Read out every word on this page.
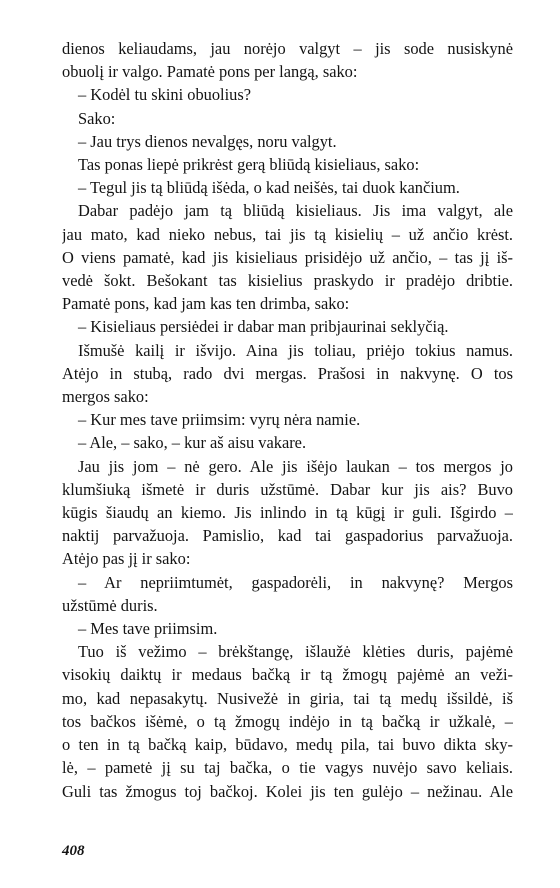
dienos keliaudams, jau norėjo valgyt – jis sode nusiskynė
obuolį ir valgo. Pamatė pons per langą, sako:
– Kodėl tu skini obuolius?
Sako:
– Jau trys dienos nevalgęs, noru valgyt.
Tas ponas liepė prikrėst gerą bliūdą kisieliaus, sako:
– Tegul jis tą bliūdą išėda, o kad neišės, tai duok kančium.
Dabar padėjo jam tą bliūdą kisieliaus. Jis ima valgyt, ale
jau mato, kad nieko nebus, tai jis tą kisielių – už ančio krėst.
O viens pamatė, kad jis kisieliaus prisidėjo už ančio, – tas jį iš-
vedė šokt. Bešokant tas kisielius praskydo ir pradėjo dribtie.
Pamatė pons, kad jam kas ten drimba, sako:
– Kisieliaus persiėdei ir dabar man pribjaurinai seklyčią.
Išmušė kailį ir išvijo. Aina jis toliau, priėjo tokius namus.
Atėjo in stubą, rado dvi mergas. Prašosi in nakvynę. O tos
mergos sako:
– Kur mes tave priimsim: vyrų nėra namie.
– Ale, – sako, – kur aš aisu vakare.
Jau jis jom – nė gero. Ale jis išėjo laukan – tos mergos jo
klumšiuką išmetė ir duris užstūmė. Dabar kur jis ais? Buvo
kūgis šiaudų an kiemo. Jis inlindo in tą kūgį ir guli. Išgirdo –
naktij parvažuoja. Pamislio, kad tai gaspadorius parvažuoja.
Atėjo pas jį ir sako:
– Ar nepriimtumėt, gaspadorėli, in nakvynę? Mergos
užstūmė duris.
– Mes tave priimsim.
Tuo iš vežimo – brėkštangę, išlaužė klėties duris, pajėmė
visokių daiktų ir medaus bačką ir tą žmogų pajėmė an veži-
mo, kad nepasakytų. Nusivežė in giria, tai tą medų išsildė, iš
tos bačkos išėmė, o tą žmogų indėjo in tą bačką ir užkalė, –
o ten in tą bačką kaip, būdavo, medų pila, tai buvo dikta sky-
lė, – pametė jį su taj bačka, o tie vagys nuvėjo savo keliais.
Guli tas žmogus toj bačkoj. Kolei jis ten gulėjo – nežinau. Ale
408
